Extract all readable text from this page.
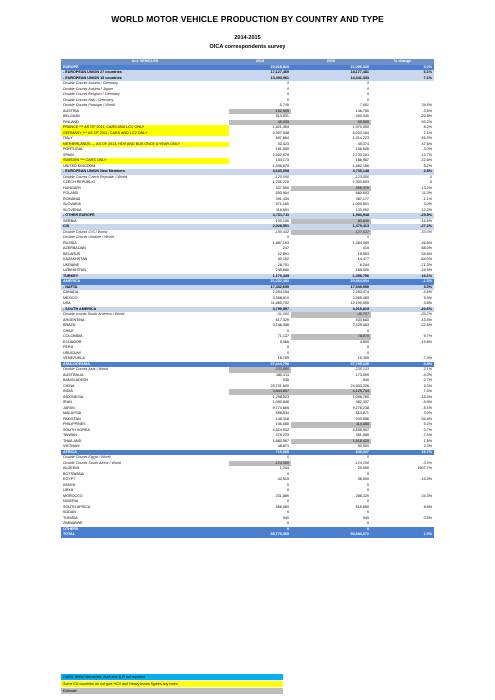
WORLD MOTOR VEHICLE PRODUCTION BY COUNTRY AND TYPE
2014-2015
OICA correspondents survey
ALL VEHICLES	2014	2015	% change
EUROPE	20,818,823	21,096,325	3.2%
- EUROPEAN UNION 27 countries	17,127,469	18,177,481	6.1%
- EUROPEAN UNION 15 countries	13,493,961	14,441,333	7.1%
Double Counts Austria / Germany	0	0	
Double Counts Austria / Japan	0	0	
Double Counts Belgium / Germany	0	0	
Double Counts Italy / Germany	0	0	
Double Counts Portugal / World	-5,749	-7,881	36.8%
AUSTRIA	152,505	146,750	-3.5%
BELGIUM	510,831	403,340	-20.8%
FINLAND	45,035	69,500	53.2%
FRANCE *** AS OF 2011, CARS AND LCV ONLY	1,821,464	1,970,000	8.2%
GERMANY *** AS OF 2011, CARS AND LCV ONLY	5,907,548	6,033,164	2.1%
ITALY	697,864	1,014,223	45.3%
NETHERLANDS --- AS OF 2013, HDV AND BUS ONCE A YEAR ONLY	33,423	45,374	47.6%
PORTUGAL	161,509	156,626	-3.0%
SPAIN	2,402,978	2,733,201	13.7%
SWEDEN *** CARS ONLY	154,173	188,987	22.6%
UNITED KINGDOM	1,598,879	1,682,156	5.2%
- EUROPEAN UNION New Members	3,633,508	3,736,148	2.8%
Double Counts Czech Republic / World	-120,000	-123,350	0
CZECH REPUBLIC	1,251,220	1,303,603	0
HUNGARY	437,599	495,370	13.2%
POLAND	593,904	660,603	11.3%
ROMANIA	391,434	387,177	-1.1%
SLOVAKIA	971,160	1,000,001	3.0%
SLOVENIA	118,591	133,092	12.2%
- OTHER EUROPE	3,731,711	1,983,948	-25.8%
SERBIA	100,150	83,630	-16.5%
CIS	2,028,551	1,479,413	-27.2%
Double Counts CIS / World	-190,442	-127,537	-33.0%
Double Counts Ukraine / World	0	0	
RUSSIA	1,887,193	1,384,399	-26.6%
AZERBAIJAN	247	415	68.0%
BELARUS	22,891	15,553	-34.6%
KAZAKHSTAN	40,152	14,477	-64.0%
UKRAINE	28,751	8,244	-71.3%
UZBEKISTAN	245,660	185,400	-24.5%
TURKEY	1,170,445	1,358,796	16.1%
AMERICA	21,232,483	20,964,934	-1.3%
- NAFTA	17,432,695	17,949,959	3.0%
CANADA	2,394,154	2,283,474	-4.6%
MEXICO	3,368,010	3,565,469	5.9%
USA	11,660,702	12,100,095	3.8%
- SOUTH AMERICA	3,799,597	3,015,815	-20.6%
Double counts South America / World	-41,000	-48,707	-20.2%
ARGENTINA	617,329	533,683	-13.5%
BRAZIL	3,146,386	2,429,463	-22.8%
CHILE	0	0	
COLOMBIA	71,137	78,070	9.7%
ECUADOR	5,966	4,800	-19.8%
PERU	0	0	
URUGUAY	0	0	
VENEZUELA	18,759	19,390	-7.4%
ASIA-OCEANIA	47,414,758	47,795,130	0.8%
Double Counts Asia / World	-233,880	-235,133	2.1%
AUSTRALIA	180,311	173,009	-4.0%
BANGLADESH	536	540	0.7%
CHINA	23,731,600	24,503,326	3.3%
INDIA	3,844,857	4,125,744	7.3%
INDONESIA	1,298,523	1,098,780	-15.4%
IRAN	1,090,846	982,337	-9.9%
JAPAN	9,774,665	9,278,238	-5.1%
MALAYSIA	596,534	614,671	3.0%
PAKISTAN	148,318	203,556	54.4%
PHILIPPINES	106,655	114,455	5.2%
SOUTH KOREA	4,524,932	4,555,957	0.7%
TAIWAN	379,223	351,085	-7.4%
THAILAND	1,880,587	1,915,420	1.8%
VIETNAM	48,871	50,000	2.3%
AFRICA	719,085	839,327	16.7%
Double Counts Egypt / World	0	0	
Double Counts South Africa / World	-124,588	-124,158	-0.4%
ALGERIA	1,244	20,000	1507.7%
BOTSWANA	0	0	
EGYPT	42,515	36,000	-15.3%
KENYA	0	0	
LIBYA	0	0	
MOROCCO	231,889	288,329	24.3%
NIGERIA	0	0	
SOUTH AFRICA	566,083	615,659	8.8%
SUDAN	0	0	
TUNISIA	940	945	0.5%
ZIMBABWE	0	0	
OTHERS	0	0	
TOTAL	89,776,465	90,683,072	1.0%
CARS: BMW, Mercedes, Audi and JLR not reported
Some EU countries do not give HCV and Heavy buses figures any more.
Estimate
